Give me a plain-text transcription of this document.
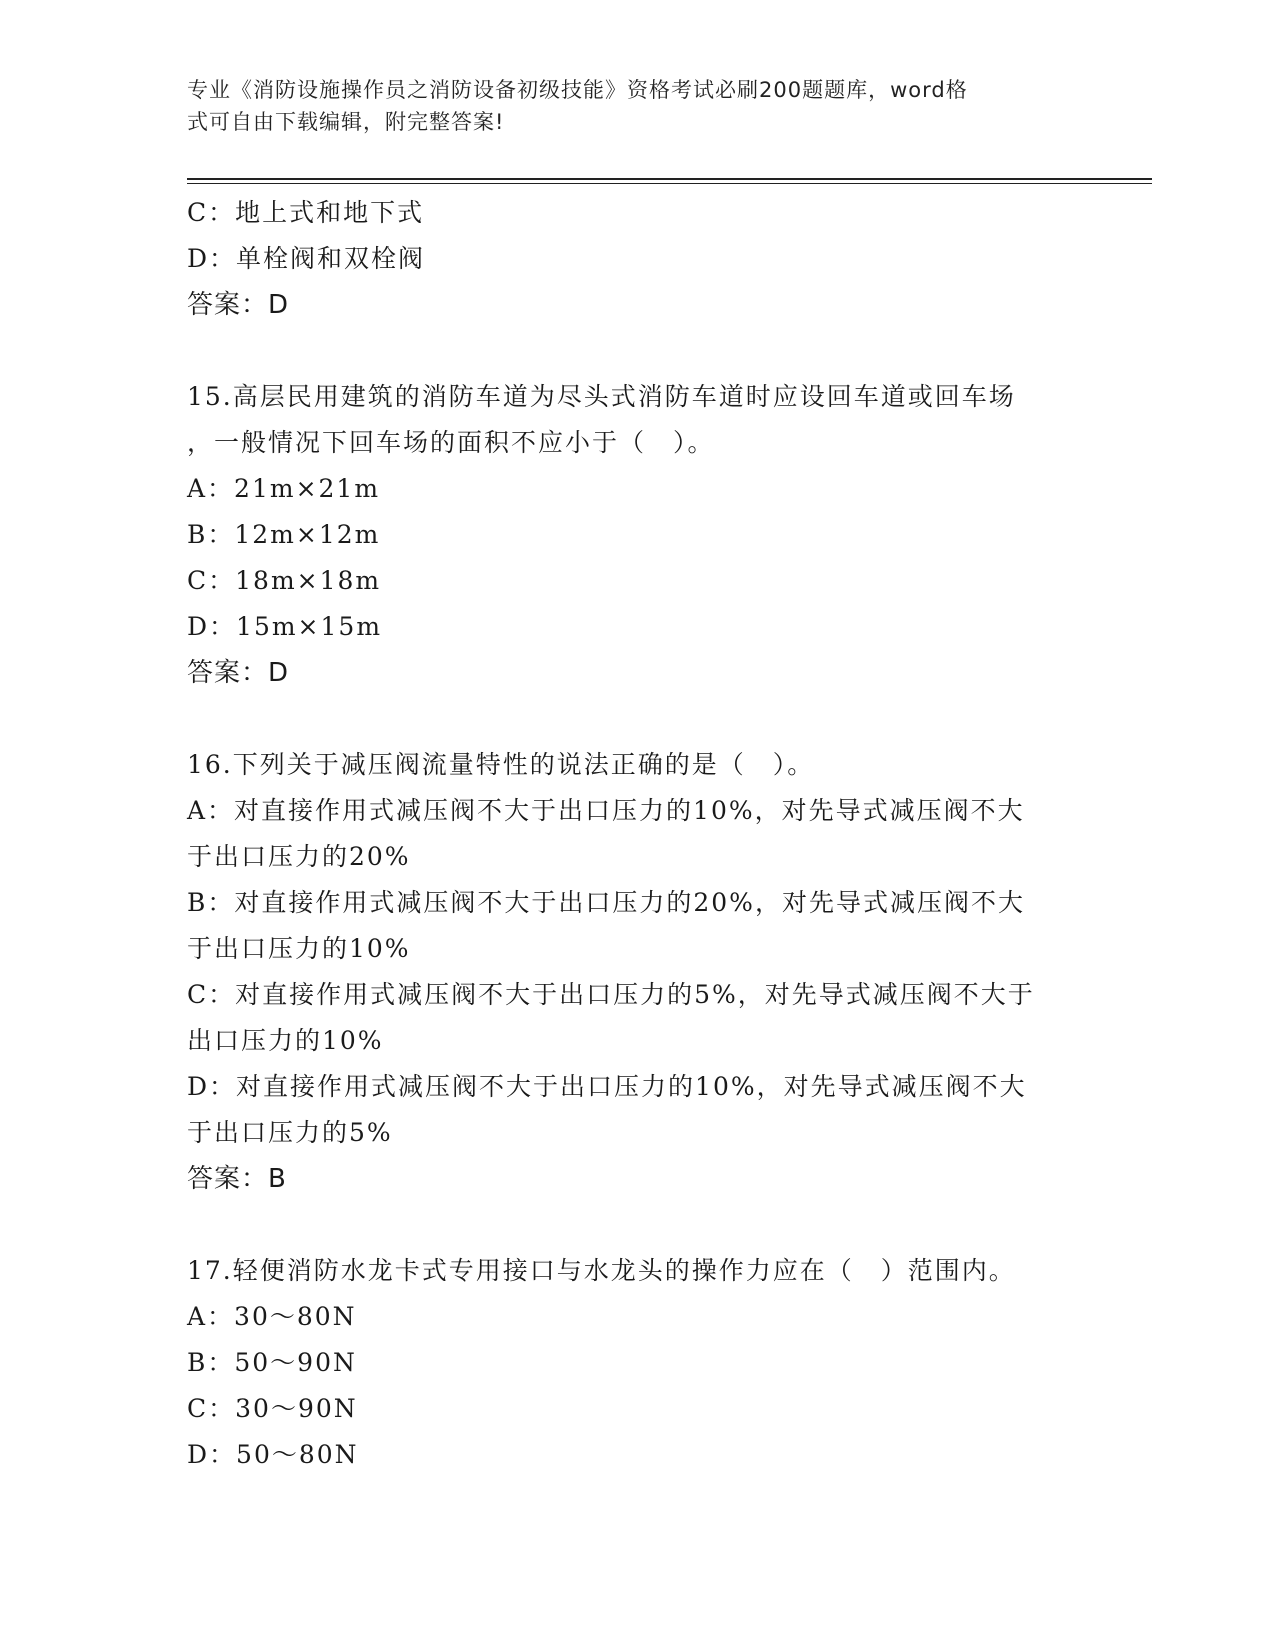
专业《消防设施操作员之消防设备初级技能》资格考试必刷200题题库，word格
式可自由下载编辑，附完整答案!
C：地上式和地下式
D：单栓阀和双栓阀
答案：D
15.高层民用建筑的消防车道为尽头式消防车道时应设回车道或回车场
，一般情况下回车场的面积不应小于（　）。
A：21m×21m
B：12m×12m
C：18m×18m
D：15m×15m
答案：D
16.下列关于减压阀流量特性的说法正确的是（　）。
A：对直接作用式减压阀不大于出口压力的10%，对先导式减压阀不大
于出口压力的20%
B：对直接作用式减压阀不大于出口压力的20%，对先导式减压阀不大
于出口压力的10%
C：对直接作用式减压阀不大于出口压力的5%，对先导式减压阀不大于
出口压力的10%
D：对直接作用式减压阀不大于出口压力的10%，对先导式减压阀不大
于出口压力的5%
答案：B
17.轻便消防水龙卡式专用接口与水龙头的操作力应在（　）范围内。
A：30～80N
B：50～90N
C：30～90N
D：50～80N
